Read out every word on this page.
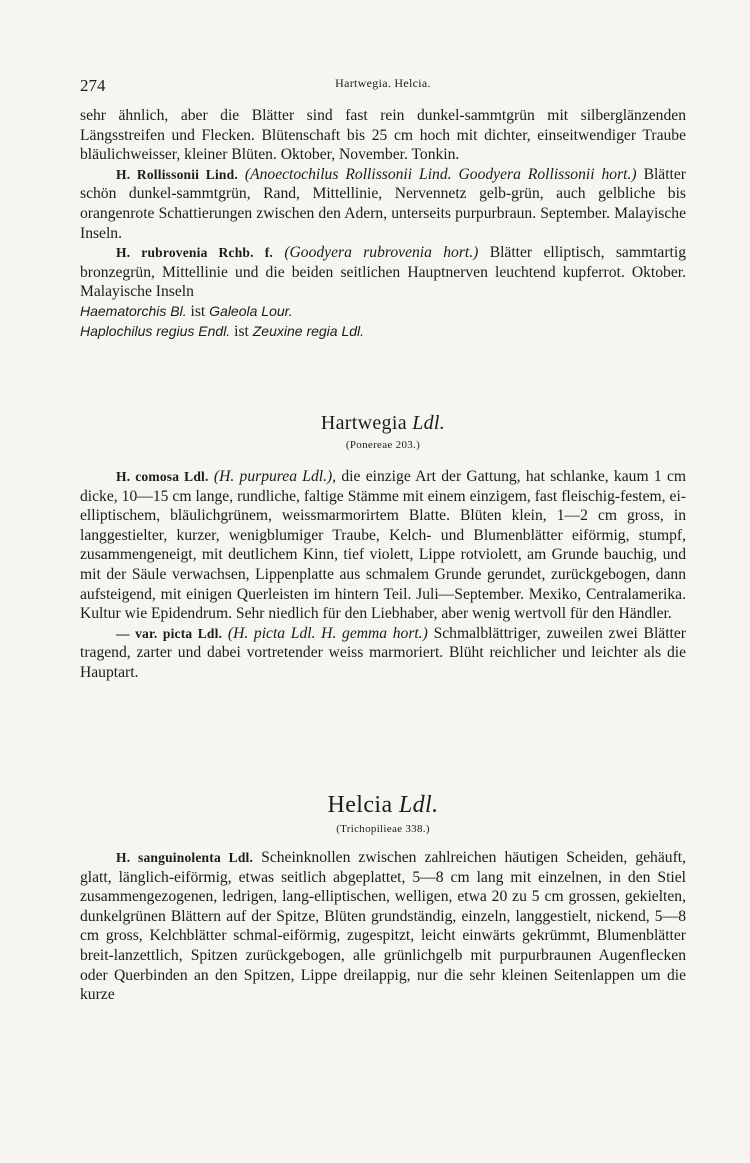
274	Hartwegia. Helcia.

sehr ähnlich, aber die Blätter sind fast rein dunkel-sammtgrün mit silberglänzenden Längsstreifen und Flecken. Blütenschaft bis 25 cm hoch mit dichter, einseitwendiger Traube bläulichweisser, kleiner Blüten. Oktober, November. Tonkin.

H. Rollissonii Lind. (Anoectochilus Rollissonii Lind. Goodyera Rollissonii hort.) Blätter schön dunkel-sammtgrün, Rand, Mittellinie, Nervennetz gelb-grün, auch gelbliche bis orangenrote Schattierungen zwischen den Adern, unterseits purpurbraun. September. Malayische Inseln.

H. rubrovenia Rchb. f. (Goodyera rubrovenia hort.) Blätter elliptisch, sammtartig bronzegrün, Mittellinie und die beiden seitlichen Hauptnerven leuchtend kupferrot. Oktober. Malayische Inseln

Haematorchis Bl. ist Galeola Lour.

Haplochilus regius Endl. ist Zeuxine regia Ldl.

Hartwegia Ldl.
(Ponereae 203.)

H. comosa Ldl. (H. purpurea Ldl.), die einzige Art der Gattung, hat schlanke, kaum 1 cm dicke, 10—15 cm lange, rundliche, faltige Stämme mit einem einzigem, fast fleischig-festem, ei-elliptischem, bläulichgrünem, weissmarmorirtem Blatte. Blüten klein, 1—2 cm gross, in langgestielter, kurzer, wenigblumiger Traube, Kelch- und Blumenblätter eiförmig, stumpf, zusammengeneigt, mit deutlichem Kinn, tief violett, Lippe rotviolett, am Grunde bauchig, und mit der Säule verwachsen, Lippenplatte aus schmalem Grunde gerundet, zurückgebogen, dann aufsteigend, mit einigen Querleisten im hintern Teil. Juli—September. Mexiko, Centralamerika. Kultur wie Epidendrum. Sehr niedlich für den Liebhaber, aber wenig wertvoll für den Händler.

— var. picta Ldl. (H. picta Ldl. H. gemma hort.) Schmalblättriger, zuweilen zwei Blätter tragend, zarter und dabei vortretender weiss marmoriert. Blüht reichlicher und leichter als die Hauptart.

Helcia Ldl.
(Trichopilieae 338.)

H. sanguinolenta Ldl. Scheinknollen zwischen zahlreichen häutigen Scheiden, gehäuft, glatt, länglich-eiförmig, etwas seitlich abgeplattet, 5—8 cm lang mit einzelnen, in den Stiel zusammengezogenen, ledrigen, lang-elliptischen, welligen, etwa 20 zu 5 cm grossen, gekielten, dunkelgrünen Blättern auf der Spitze, Blüten grundständig, einzeln, langgestielt, nickend, 5—8 cm gross, Kelchblätter schmal-eiförmig, zugespitzt, leicht einwärts gekrümmt, Blumenblätter breit-lanzettlich, Spitzen zurückgebogen, alle grünlichgelb mit purpurbraunen Augenflecken oder Querbinden an den Spitzen, Lippe dreilappig, nur die sehr kleinen Seitenlappen um die kurze
